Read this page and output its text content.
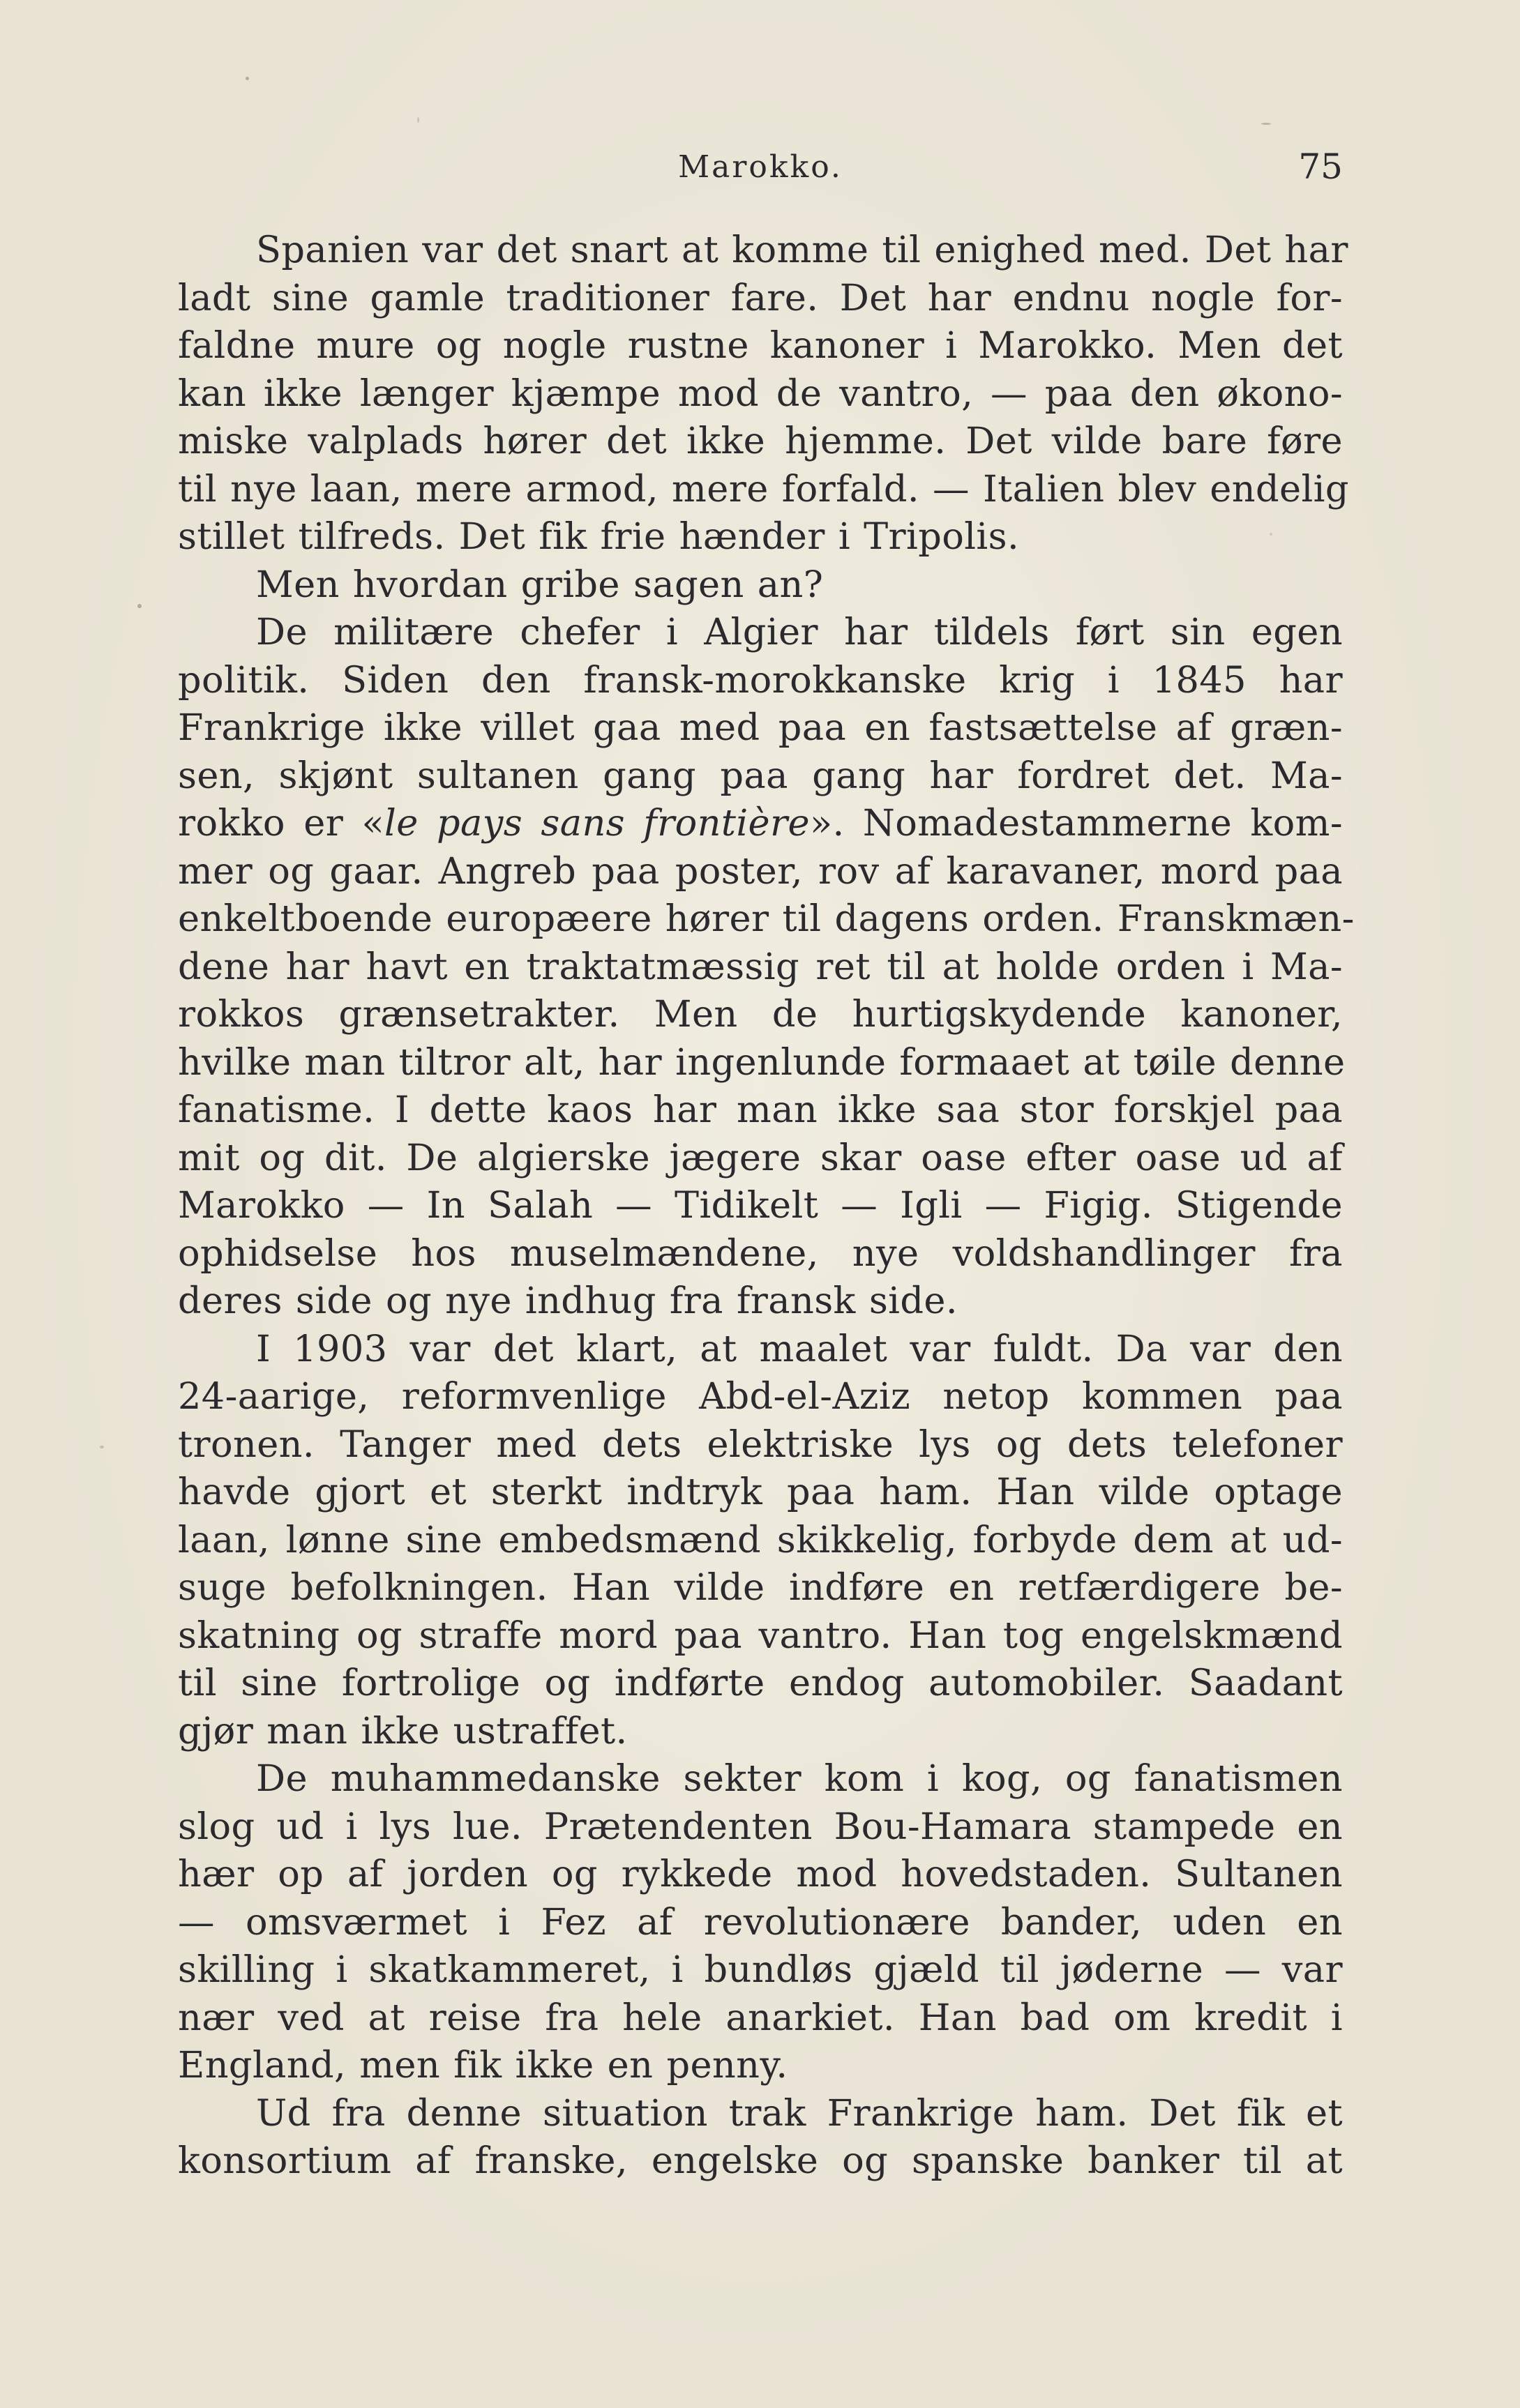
Marokko.	75
Spanien var det snart at komme til enighed med. Det har
ladt sine gamle traditioner fare. Det har endnu nogle for-
faldne mure og nogle rustne kanoner i Marokko. Men det
kan ikke længer kjæmpe mod de vantro, — paa den økono-
miske valplads hører det ikke hjemme. Det vilde bare føre
til nye laan, mere armod, mere forfald. — Italien blev endelig
stillet tilfreds. Det fik frie hænder i Tripolis.
Men hvordan gribe sagen an?
De militære chefer i Algier har tildels ført sin egen
politik. Siden den fransk-morokkanske krig i 1845 har
Frankrige ikke villet gaa med paa en fastsættelse af græn-
sen, skjønt sultanen gang paa gang har fordret det. Ma-
rokko er «le pays sans frontière». Nomadestammerne kom-
mer og gaar. Angreb paa poster, rov af karavaner, mord paa
enkeltboende europæere hører til dagens orden. Franskmæn-
dene har havt en traktatmæssig ret til at holde orden i Ma-
rokkos grænsetrakter. Men de hurtigskydende kanoner,
hvilke man tiltror alt, har ingenlunde formaaet at tøile denne
fanatisme. I dette kaos har man ikke saa stor forskjel paa
mit og dit. De algierske jægere skar oase efter oase ud af
Marokko — In Salah — Tidikelt — Igli — Figig. Stigende
ophidselse hos muselmændene, nye voldshandlinger fra
deres side og nye indhug fra fransk side.
I 1903 var det klart, at maalet var fuldt. Da var den
24-aarige, reformvenlige Abd-el-Aziz netop kommen paa
tronen. Tanger med dets elektriske lys og dets telefoner
havde gjort et sterkt indtryk paa ham. Han vilde optage
laan, lønne sine embedsmænd skikkelig, forbyde dem at ud-
suge befolkningen. Han vilde indføre en retfærdigere be-
skatning og straffe mord paa vantro. Han tog engelskmænd
til sine fortrolige og indførte endog automobiler. Saadant
gjør man ikke ustraffet.
De muhammedanske sekter kom i kog, og fanatismen
slog ud i lys lue. Prætendenten Bou-Hamara stampede en
hær op af jorden og rykkede mod hovedstaden. Sultanen
— omsværmet i Fez af revolutionære bander, uden en
skilling i skatkammeret, i bundløs gjæld til jøderne — var
nær ved at reise fra hele anarkiet. Han bad om kredit i
England, men fik ikke en penny.
Ud fra denne situation trak Frankrige ham. Det fik et
konsortium af franske, engelske og spanske banker til at
